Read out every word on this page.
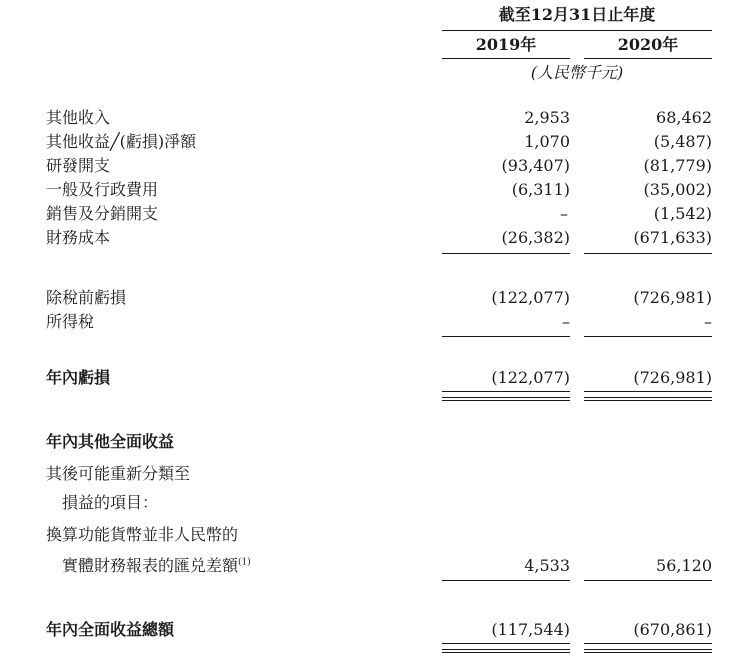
截至12月31日止年度
2019年	2020年
(人民幣千元)
其他收入	2,953	68,462
其他收益╱(虧損)淨額	1,070	(5,487)
研發開支	(93,407)	(81,779)
一般及行政費用	(6,311)	(35,002)
銷售及分銷開支	–	(1,542)
財務成本	(26,382)	(671,633)
除稅前虧損	(122,077)	(726,981)
所得稅	–	–
年內虧損	(122,077)	(726,981)
年內其他全面收益
其後可能重新分類至
損益的項目：
換算功能貨幣並非人民幣的
實體財務報表的匯兑差額$^{(1)}$	4,533	56,120
年內全面收益總額	(117,544)	(670,861)
